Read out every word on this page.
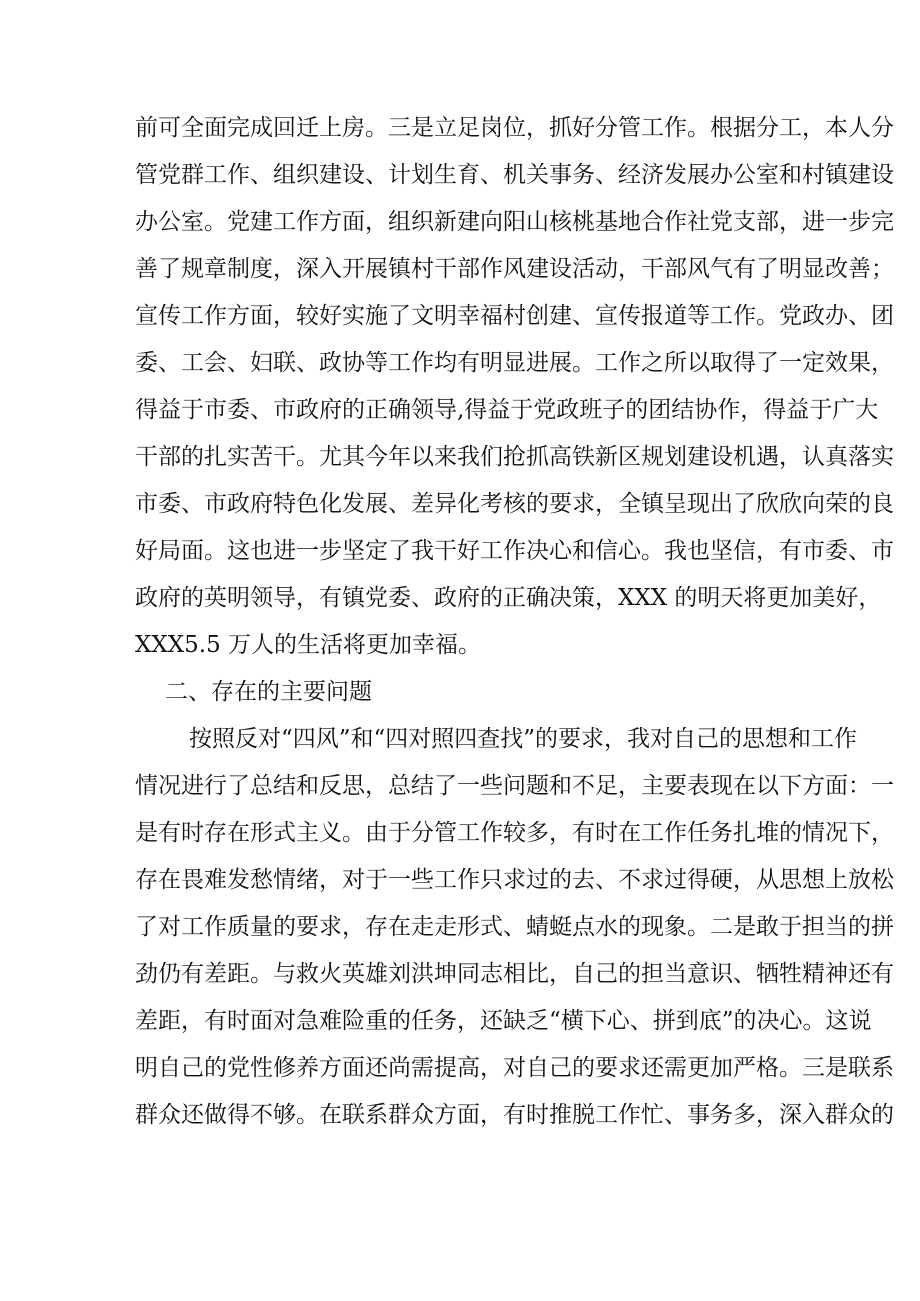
前可全面完成回迁上房。三是立足岗位，抓好分管工作。根据分工，本人分
管党群工作、组织建设、计划生育、机关事务、经济发展办公室和村镇建设
办公室。党建工作方面，组织新建向阳山核桃基地合作社党支部，进一步完
善了规章制度，深入开展镇村干部作风建设活动，干部风气有了明显改善；
宣传工作方面，较好实施了文明幸福村创建、宣传报道等工作。党政办、团
委、工会、妇联、政协等工作均有明显进展。工作之所以取得了一定效果，
得益于市委、市政府的正确领导,得益于党政班子的团结协作，得益于广大
干部的扎实苦干。尤其今年以来我们抢抓高铁新区规划建设机遇，认真落实
市委、市政府特色化发展、差异化考核的要求，全镇呈现出了欣欣向荣的良
好局面。这也进一步坚定了我干好工作决心和信心。我也坚信，有市委、市
政府的英明领导，有镇党委、政府的正确决策，XXX 的明天将更加美好，
XXX5.5 万人的生活将更加幸福。
二、存在的主要问题
按照反对“四风”和“四对照四查找”的要求，我对自己的思想和工作
情况进行了总结和反思，总结了一些问题和不足，主要表现在以下方面：一
是有时存在形式主义。由于分管工作较多，有时在工作任务扎堆的情况下，
存在畏难发愁情绪，对于一些工作只求过的去、不求过得硬，从思想上放松
了对工作质量的要求，存在走走形式、蜻蜓点水的现象。二是敢于担当的拼
劲仍有差距。与救火英雄刘洪坤同志相比，自己的担当意识、牺牲精神还有
差距，有时面对急难险重的任务，还缺乏“横下心、拼到底”的决心。这说
明自己的党性修养方面还尚需提高，对自己的要求还需更加严格。三是联系
群众还做得不够。在联系群众方面，有时推脱工作忙、事务多，深入群众的
